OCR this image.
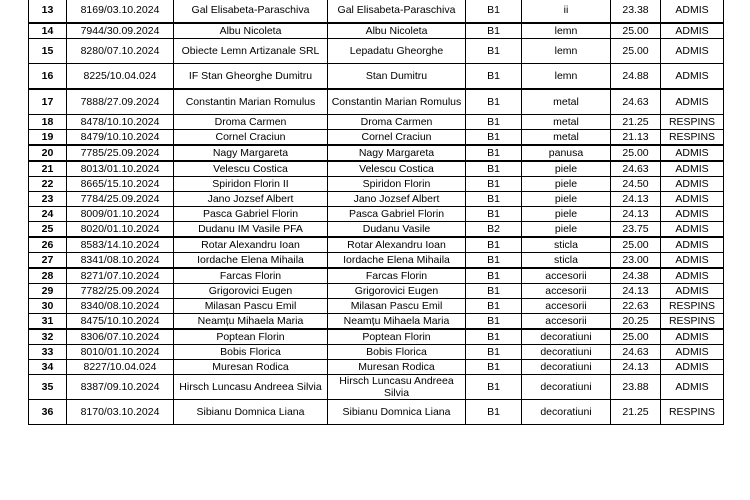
13	8169/03.10.2024	Gal Elisabeta-Paraschiva	Gal Elisabeta-Paraschiva	B1	ii	23.38	ADMIS
14	7944/30.09.2024	Albu Nicoleta	Albu Nicoleta	B1	lemn	25.00	ADMIS
15	8280/07.10.2024	Obiecte Lemn Artizanale SRL	Lepadatu Gheorghe	B1	lemn	25.00	ADMIS
16	8225/10.04.024	IF Stan Gheorghe Dumitru	Stan Dumitru	B1	lemn	24.88	ADMIS
17	7888/27.09.2024	Constantin Marian Romulus	Constantin Marian Romulus	B1	metal	24.63	ADMIS
18	8478/10.10.2024	Droma Carmen	Droma Carmen	B1	metal	21.25	RESPINS
19	8479/10.10.2024	Cornel Craciun	Cornel Craciun	B1	metal	21.13	RESPINS
20	7785/25.09.2024	Nagy Margareta	Nagy Margareta	B1	panusa	25.00	ADMIS
21	8013/01.10.2024	Velescu Costica	Velescu Costica	B1	piele	24.63	ADMIS
22	8665/15.10.2024	Spiridon Florin II	Spiridon Florin	B1	piele	24.50	ADMIS
23	7784/25.09.2024	Jano Jozsef Albert	Jano Jozsef Albert	B1	piele	24.13	ADMIS
24	8009/01.10.2024	Pasca Gabriel Florin	Pasca Gabriel Florin	B1	piele	24.13	ADMIS
25	8020/01.10.2024	Dudanu IM Vasile PFA	Dudanu Vasile	B2	piele	23.75	ADMIS
26	8583/14.10.2024	Rotar Alexandru Ioan	Rotar Alexandru Ioan	B1	sticla	25.00	ADMIS
27	8341/08.10.2024	Iordache Elena Mihaila	Iordache Elena Mihaila	B1	sticla	23.00	ADMIS
28	8271/07.10.2024	Farcas Florin	Farcas Florin	B1	accesorii	24.38	ADMIS
29	7782/25.09.2024	Grigorovici Eugen	Grigorovici Eugen	B1	accesorii	24.13	ADMIS
30	8340/08.10.2024	Milasan Pascu Emil	Milasan Pascu Emil	B1	accesorii	22.63	RESPINS
31	8475/10.10.2024	Neamțu Mihaela Maria	Neamțu Mihaela Maria	B1	accesorii	20.25	RESPINS
32	8306/07.10.2024	Poptean Florin	Poptean Florin	B1	decoratiuni	25.00	ADMIS
33	8010/01.10.2024	Bobis Florica	Bobis Florica	B1	decoratiuni	24.63	ADMIS
34	8227/10.04.024	Muresan Rodica	Muresan Rodica	B1	decoratiuni	24.13	ADMIS
35	8387/09.10.2024	Hirsch Luncasu Andreea Silvia	Hirsch Luncasu Andreea Silvia	B1	decoratiuni	23.88	ADMIS
36	8170/03.10.2024	Sibianu Domnica Liana	Sibianu Domnica Liana	B1	decoratiuni	21.25	RESPINS
